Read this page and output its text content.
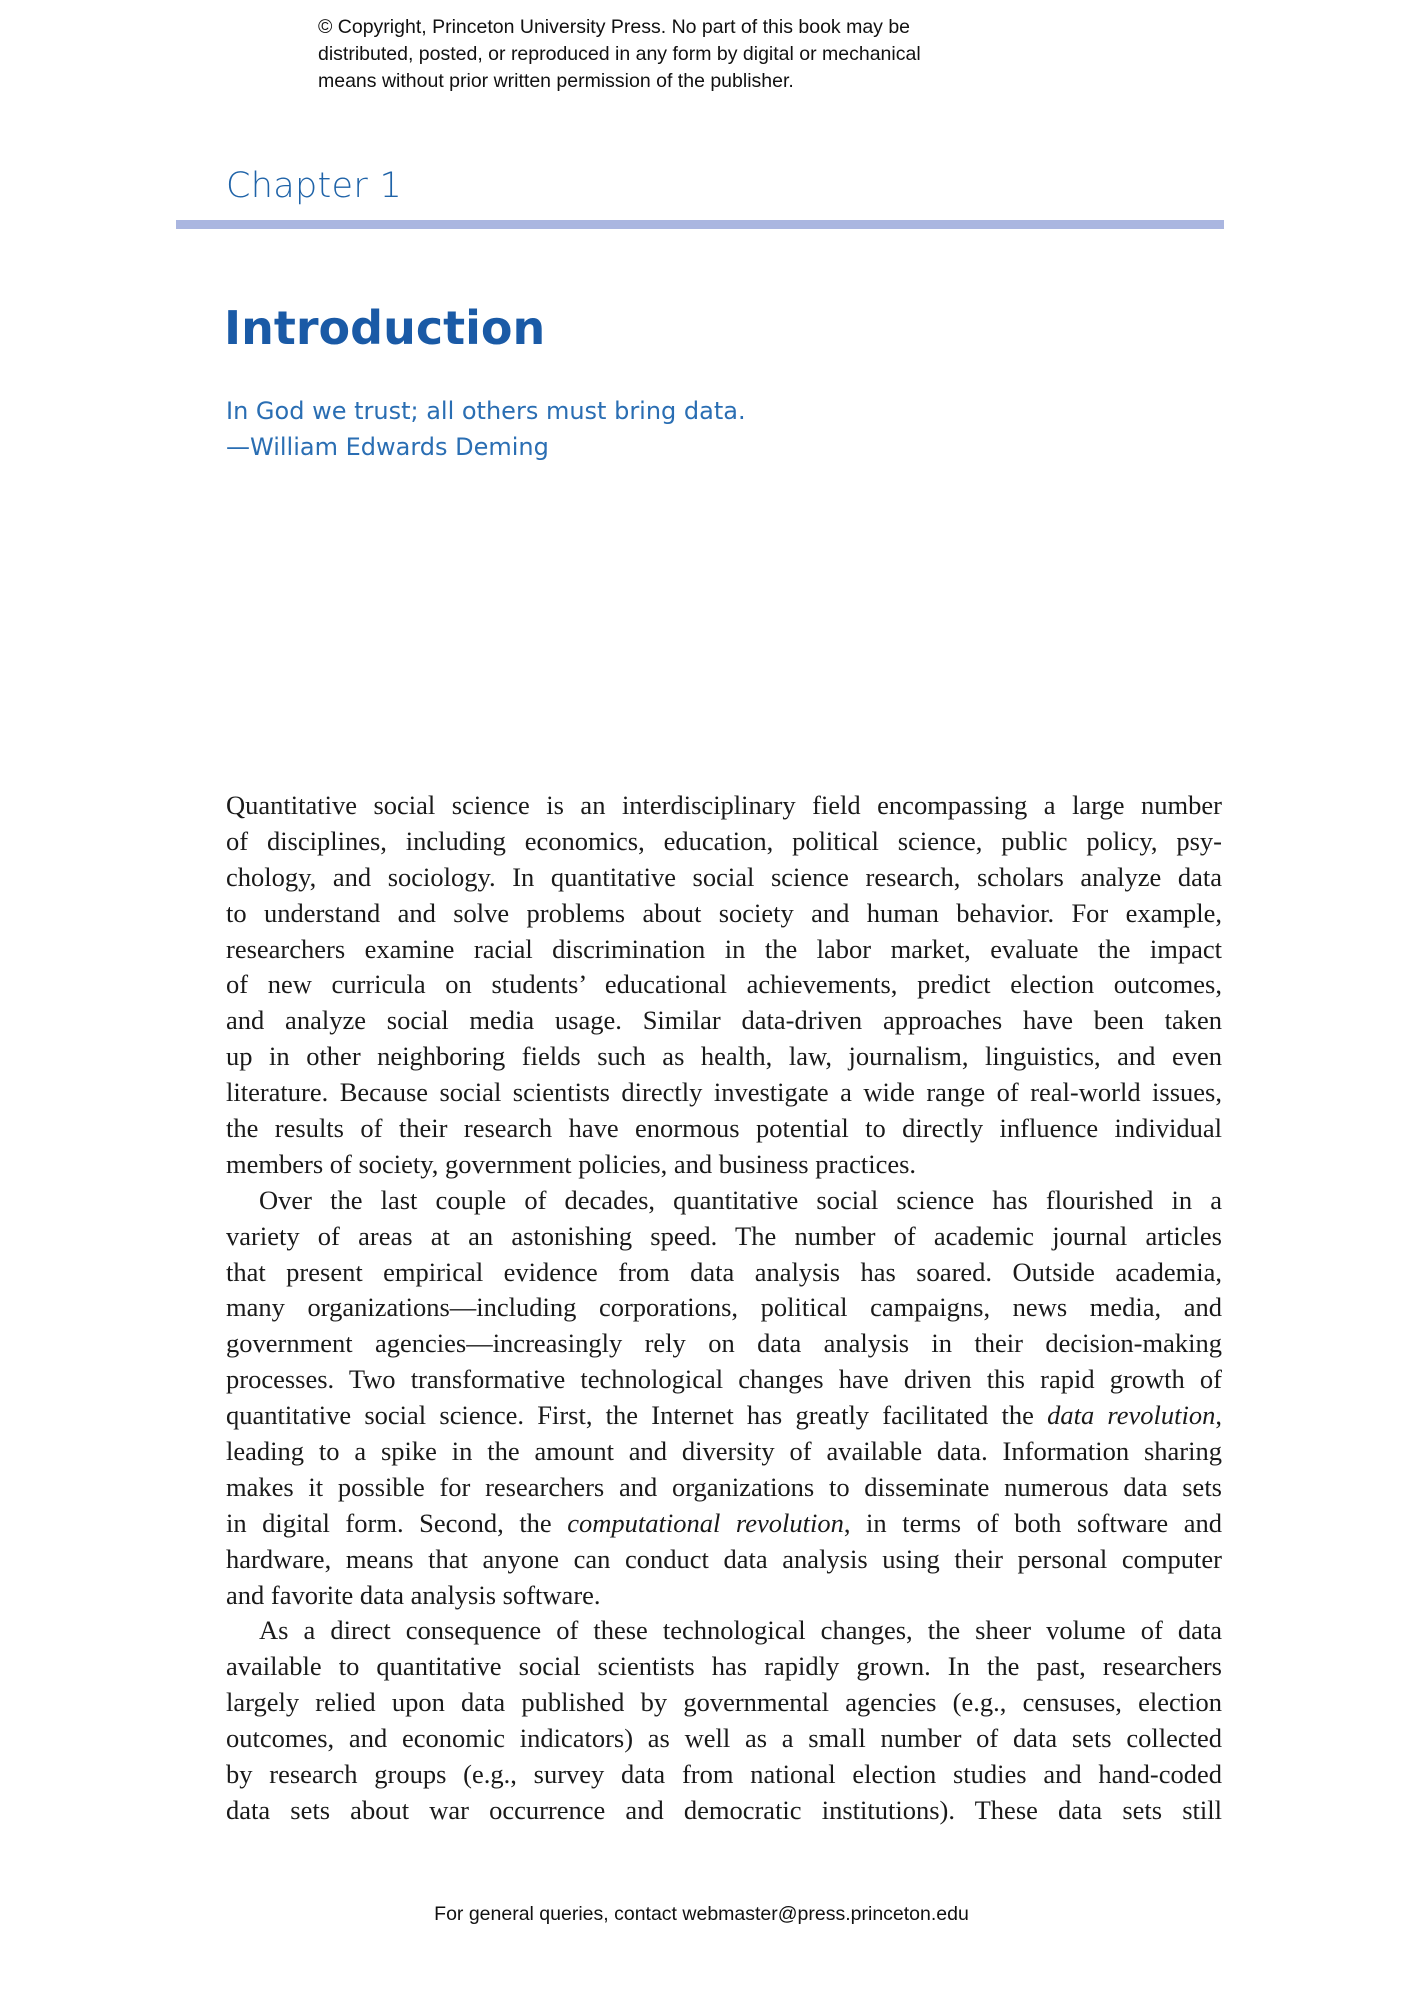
© Copyright, Princeton University Press. No part of this book may be
distributed, posted, or reproduced in any form by digital or mechanical
means without prior written permission of the publisher.
Chapter 1
Introduction
In God we trust; all others must bring data.
—William Edwards Deming
Quantitative social science is an interdisciplinary field encompassing a large number
of disciplines, including economics, education, political science, public policy, psy-
chology, and sociology. In quantitative social science research, scholars analyze data
to understand and solve problems about society and human behavior. For example,
researchers examine racial discrimination in the labor market, evaluate the impact
of new curricula on students’ educational achievements, predict election outcomes,
and analyze social media usage. Similar data-driven approaches have been taken
up in other neighboring fields such as health, law, journalism, linguistics, and even
literature. Because social scientists directly investigate a wide range of real-world issues,
the results of their research have enormous potential to directly influence individual
members of society, government policies, and business practices.
Over the last couple of decades, quantitative social science has flourished in a
variety of areas at an astonishing speed. The number of academic journal articles
that present empirical evidence from data analysis has soared. Outside academia,
many organizations—including corporations, political campaigns, news media, and
government agencies—increasingly rely on data analysis in their decision-making
processes. Two transformative technological changes have driven this rapid growth of
quantitative social science. First, the Internet has greatly facilitated the data revolution,
leading to a spike in the amount and diversity of available data. Information sharing
makes it possible for researchers and organizations to disseminate numerous data sets
in digital form. Second, the computational revolution, in terms of both software and
hardware, means that anyone can conduct data analysis using their personal computer
and favorite data analysis software.
As a direct consequence of these technological changes, the sheer volume of data
available to quantitative social scientists has rapidly grown. In the past, researchers
largely relied upon data published by governmental agencies (e.g., censuses, election
outcomes, and economic indicators) as well as a small number of data sets collected
by research groups (e.g., survey data from national election studies and hand-coded
data sets about war occurrence and democratic institutions). These data sets still
For general queries, contact webmaster@press.princeton.edu
